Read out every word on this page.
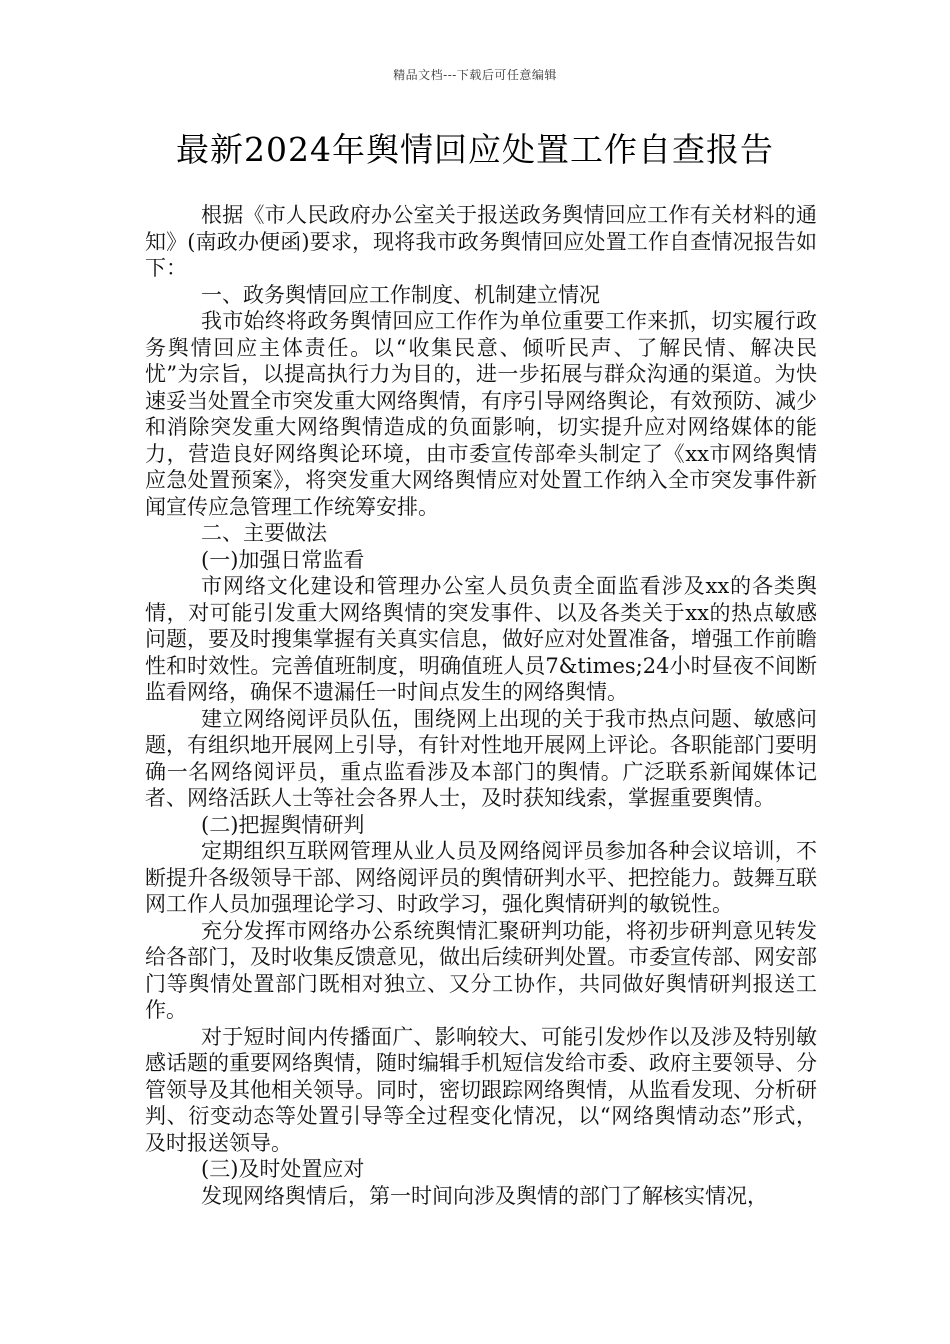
精品文档---下载后可任意编辑
最新2024年舆情回应处置工作自查报告

根据《市人民政府办公室关于报送政务舆情回应工作有关材料的通知》(南政办便函)要求，现将我市政务舆情回应处置工作自查情况报告如下：

一、政务舆情回应工作制度、机制建立情况

我市始终将政务舆情回应工作作为单位重要工作来抓，切实履行政务舆情回应主体责任。以“收集民意、倾听民声、了解民情、解决民忧”为宗旨，以提高执行力为目的，进一步拓展与群众沟通的渠道。为快速妥当处置全市突发重大网络舆情，有序引导网络舆论，有效预防、减少和消除突发重大网络舆情造成的负面影响，切实提升应对网络媒体的能力，营造良好网络舆论环境，由市委宣传部牵头制定了《xx市网络舆情应急处置预案》，将突发重大网络舆情应对处置工作纳入全市突发事件新闻宣传应急管理工作统筹安排。

二、主要做法

(一)加强日常监看

市网络文化建设和管理办公室人员负责全面监看涉及xx的各类舆情，对可能引发重大网络舆情的突发事件、以及各类关于xx的热点敏感问题，要及时搜集掌握有关真实信息，做好应对处置准备，增强工作前瞻性和时效性。完善值班制度，明确值班人员7&times;24小时昼夜不间断监看网络，确保不遗漏任一时间点发生的网络舆情。

建立网络阅评员队伍，围绕网上出现的关于我市热点问题、敏感问题，有组织地开展网上引导，有针对性地开展网上评论。各职能部门要明确一名网络阅评员，重点监看涉及本部门的舆情。广泛联系新闻媒体记者、网络活跃人士等社会各界人士，及时获知线索，掌握重要舆情。

(二)把握舆情研判

定期组织互联网管理从业人员及网络阅评员参加各种会议培训，不断提升各级领导干部、网络阅评员的舆情研判水平、把控能力。鼓舞互联网工作人员加强理论学习、时政学习，强化舆情研判的敏锐性。

充分发挥市网络办公系统舆情汇聚研判功能，将初步研判意见转发给各部门，及时收集反馈意见，做出后续研判处置。市委宣传部、网安部门等舆情处置部门既相对独立、又分工协作，共同做好舆情研判报送工作。

对于短时间内传播面广、影响较大、可能引发炒作以及涉及特别敏感话题的重要网络舆情，随时编辑手机短信发给市委、政府主要领导、分管领导及其他相关领导。同时，密切跟踪网络舆情，从监看发现、分析研判、衍变动态等处置引导等全过程变化情况，以“网络舆情动态”形式，及时报送领导。

(三)及时处置应对

发现网络舆情后，第一时间向涉及舆情的部门了解核实情况，
